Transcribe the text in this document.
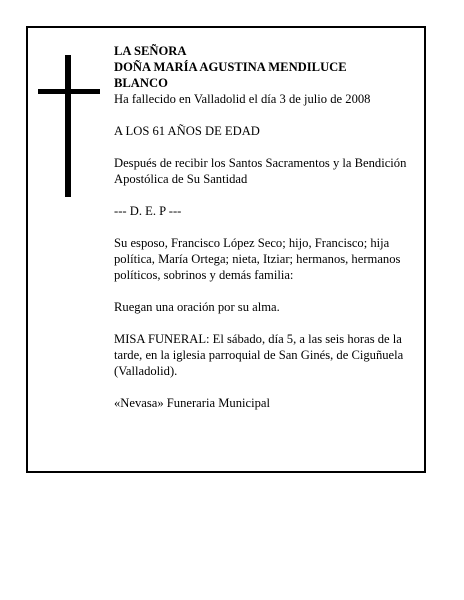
LA SEÑORA
DOÑA MARÍA AGUSTINA MENDILUCE
BLANCO
Ha fallecido en Valladolid el día 3 de julio de 2008

A LOS 61 AÑOS DE EDAD

Después de recibir los Santos Sacramentos y la Bendición Apostólica de Su Santidad

--- D. E. P ---

Su esposo, Francisco López Seco; hijo, Francisco; hija política, María Ortega; nieta, Itziar; hermanos, hermanos políticos, sobrinos y demás familia:

Ruegan una oración por su alma.

MISA FUNERAL: El sábado, día 5, a las seis horas de la tarde, en la iglesia parroquial de San Ginés, de Ciguñuela (Valladolid).

«Nevasa» Funeraria Municipal
